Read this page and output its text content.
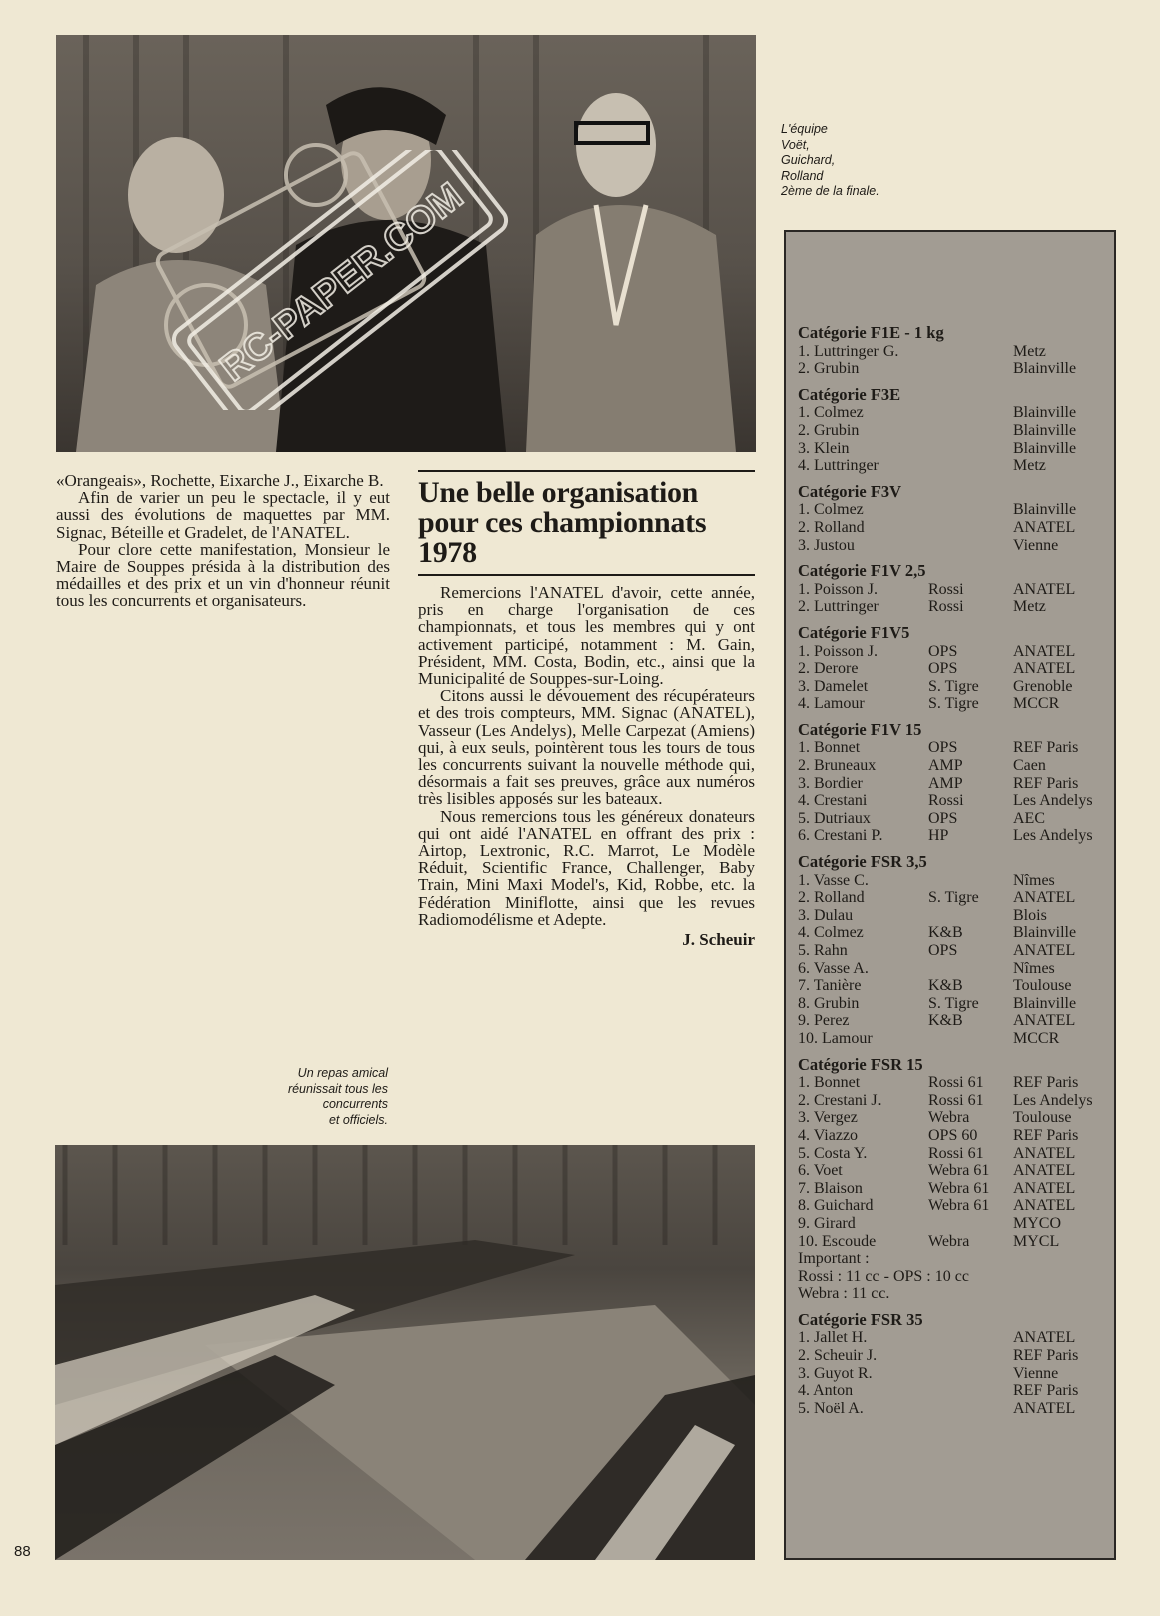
RC-PAPER.COM
L'équipe
Voët,
Guichard,
Rolland
2ème de la finale.

«Orangeais», Rochette, Eixarche J., Eixarche B.

Afin de varier un peu le spectacle, il y eut aussi des évolutions de maquettes par MM. Signac, Béteille et Gradelet, de l'ANATEL.

Pour clore cette manifestation, Monsieur le Maire de Souppes présida à la distribution des médailles et des prix et un vin d'honneur réunit tous les concurrents et organisateurs.

Une belle organisation pour ces championnats 1978

Remercions l'ANATEL d'avoir, cette année, pris en charge l'organisation de ces championnats, et tous les membres qui y ont activement participé, notamment : M. Gain, Président, MM. Costa, Bodin, etc., ainsi que la Municipalité de Souppes-sur-Loing.

Citons aussi le dévouement des récupérateurs et des trois compteurs, MM. Signac (ANATEL), Vasseur (Les Andelys), Melle Carpezat (Amiens) qui, à eux seuls, pointèrent tous les tours de tous les concurrents suivant la nouvelle méthode qui, désormais a fait ses preuves, grâce aux numéros très lisibles apposés sur les bateaux.

Nous remercions tous les généreux donateurs qui ont aidé l'ANATEL en offrant des prix : Airtop, Lextronic, R.C. Marrot, Le Modèle Réduit, Scientific France, Challenger, Baby Train, Mini Maxi Model's, Kid, Robbe, etc. la Fédération Miniflotte, ainsi que les revues Radiomodélisme et Adepte.

J. Scheuir
Un repas amical
réunissait tous les
concurrents
et officiels.
Catégorie F1E - 1 kg
1. Luttringer G.	Metz
2. Grubin	Blainville
Catégorie F3E
1. Colmez	Blainville
2. Grubin	Blainville
3. Klein	Blainville
4. Luttringer	Metz
Catégorie F3V
1. Colmez	Blainville
2. Rolland	ANATEL
3. Justou	Vienne
Catégorie F1V 2,5
1. Poisson J.	Rossi	ANATEL
2. Luttringer	Rossi	Metz
Catégorie F1V5
1. Poisson J.	OPS	ANATEL
2. Derore	OPS	ANATEL
3. Damelet	S. Tigre	Grenoble
4. Lamour	S. Tigre	MCCR
Catégorie F1V 15
1. Bonnet	OPS	REF Paris
2. Bruneaux	AMP	Caen
3. Bordier	AMP	REF Paris
4. Crestani	Rossi	Les Andelys
5. Dutriaux	OPS	AEC
6. Crestani P.	HP	Les Andelys
Catégorie FSR 3,5
1. Vasse C.	Nîmes
2. Rolland	S. Tigre	ANATEL
3. Dulau	Blois
4. Colmez	K&B	Blainville
5. Rahn	OPS	ANATEL
6. Vasse A.	Nîmes
7. Tanière	K&B	Toulouse
8. Grubin	S. Tigre	Blainville
9. Perez	K&B	ANATEL
10. Lamour	MCCR
Catégorie FSR 15
1. Bonnet	Rossi 61	REF Paris
2. Crestani J.	Rossi 61	Les Andelys
3. Vergez	Webra	Toulouse
4. Viazzo	OPS 60	REF Paris
5. Costa Y.	Rossi 61	ANATEL
6. Voet	Webra 61	ANATEL
7. Blaison	Webra 61	ANATEL
8. Guichard	Webra 61	ANATEL
9. Girard	MYCO
10. Escoude	Webra	MYCL
Important :
Rossi : 11 cc - OPS : 10 cc
Webra : 11 cc.
Catégorie FSR 35
1. Jallet H.	ANATEL
2. Scheuir J.	REF Paris
3. Guyot R.	Vienne
4. Anton	REF Paris
5. Noël A.	ANATEL
88
